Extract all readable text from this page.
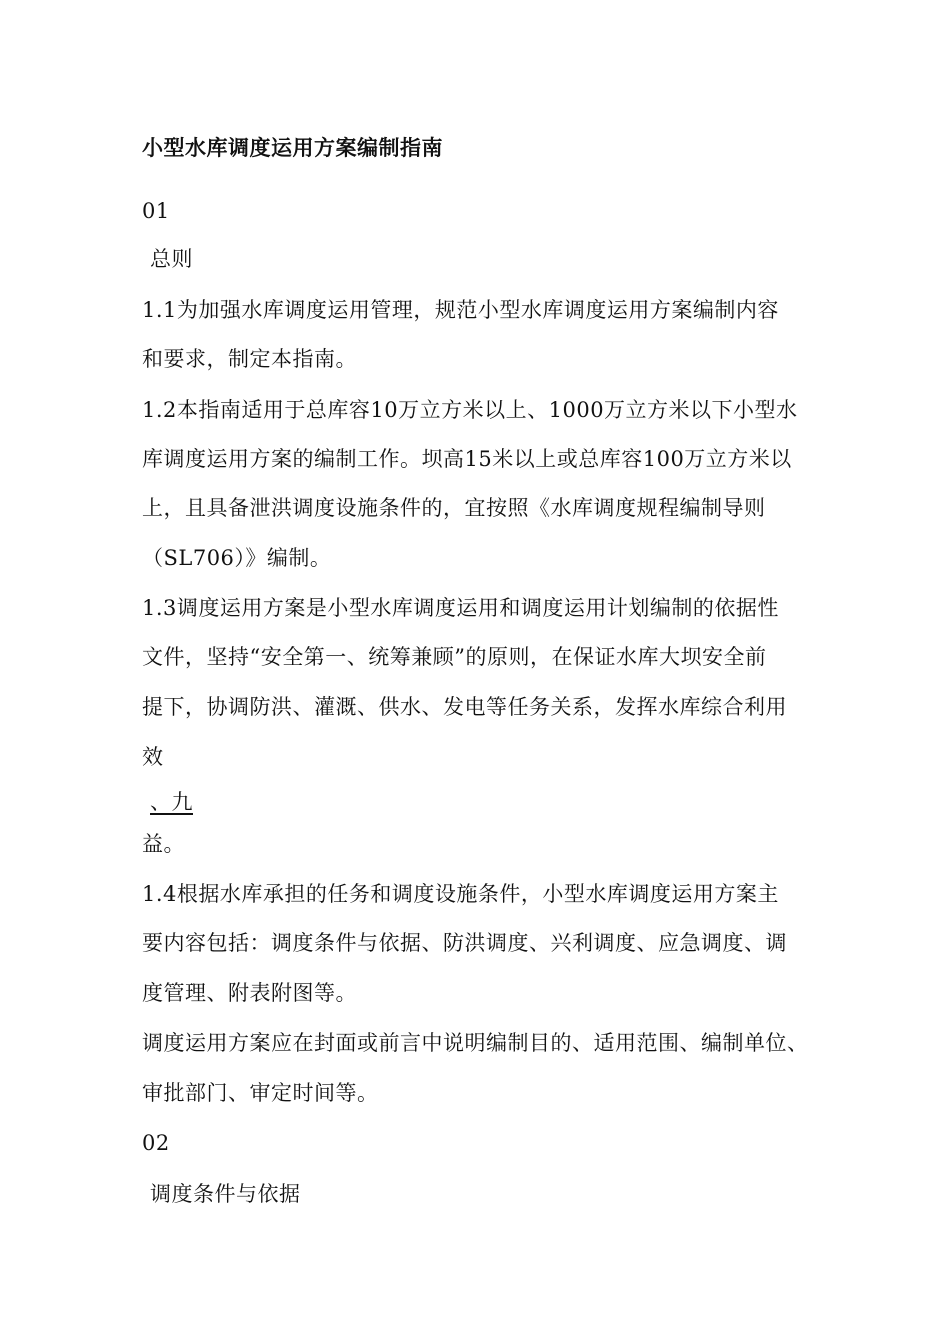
小型水库调度运用方案编制指南
01
总则
1.1为加强水库调度运用管理，规范小型水库调度运用方案编制内容
和要求，制定本指南。
1.2本指南适用于总库容10万立方米以上、1000万立方米以下小型水
库调度运用方案的编制工作。坝高15米以上或总库容100万立方米以
上，且具备泄洪调度设施条件的，宜按照《水库调度规程编制导则
（SL706）》编制。
1.3调度运用方案是小型水库调度运用和调度运用计划编制的依据性
文件，坚持“安全第一、统筹兼顾”的原则，在保证水库大坝安全前
提下，协调防洪、灌溉、供水、发电等任务关系，发挥水库综合利用
效
、九
益。
1.4根据水库承担的任务和调度设施条件，小型水库调度运用方案主
要内容包括：调度条件与依据、防洪调度、兴利调度、应急调度、调
度管理、附表附图等。
调度运用方案应在封面或前言中说明编制目的、适用范围、编制单位、
审批部门、审定时间等。
02
调度条件与依据
